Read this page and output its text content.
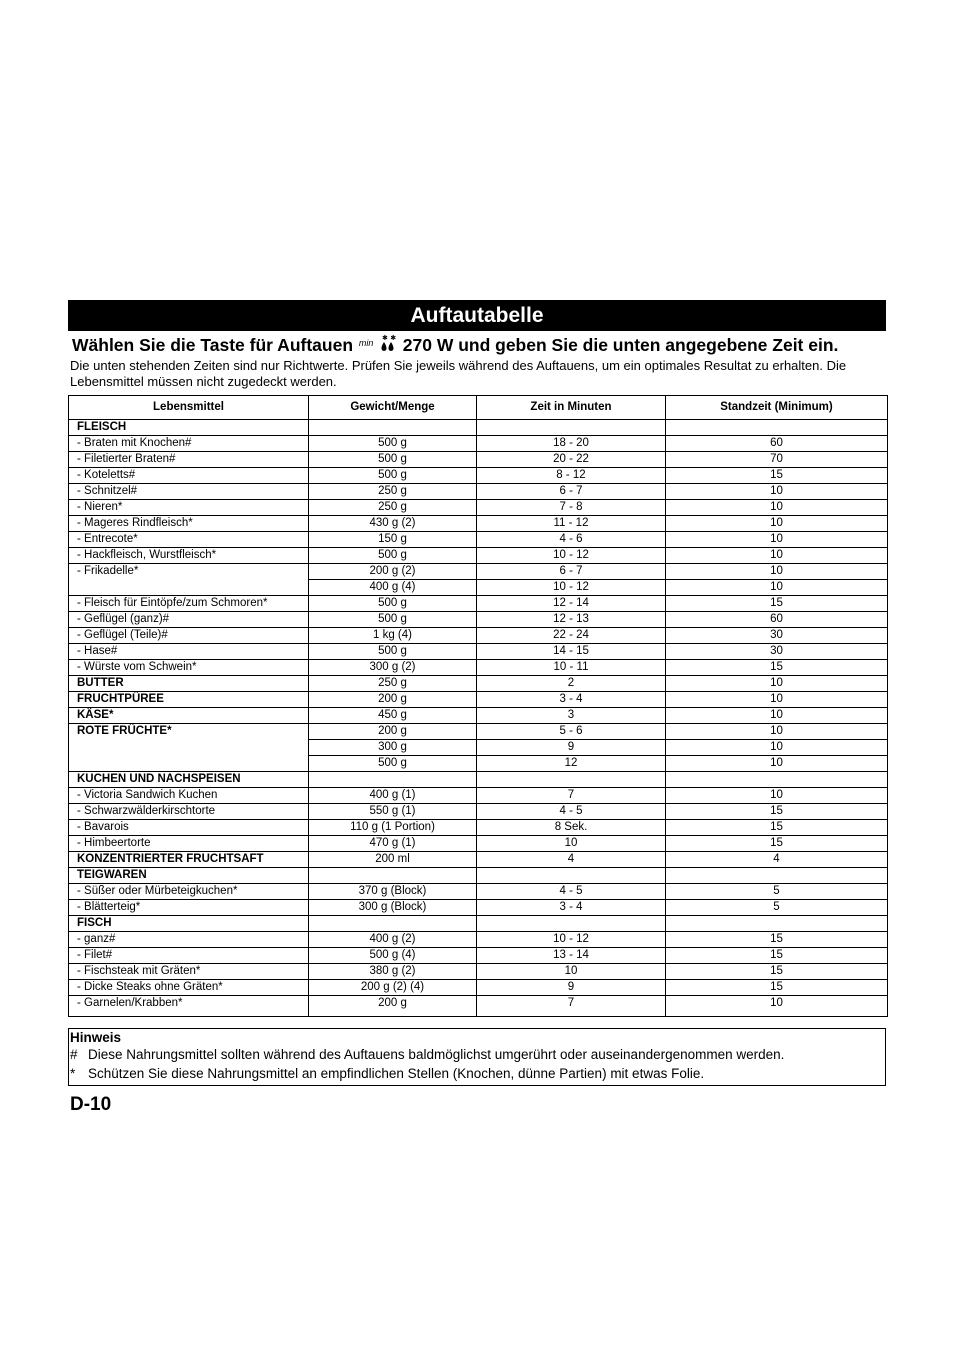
Auftautabelle
Wählen Sie die Taste für Auftauen min ✱ ✱ 270 W und geben Sie die unten angegebene Zeit ein.
Die unten stehenden Zeiten sind nur Richtwerte. Prüfen Sie jeweils während des Auftauens, um ein optimales Resultat zu erhalten. Die Lebensmittel müssen nicht zugedeckt werden.
Lebensmittel	Gewicht/Menge	Zeit in Minuten	Standzeit (Minimum)
FLEISCH			
- Braten mit Knochen#	500 g	18 - 20	60
- Filetierter Braten#	500 g	20 - 22	70
- Koteletts#	500 g	8 - 12	15
- Schnitzel#	250 g	6 - 7	10
- Nieren*	250 g	7 - 8	10
- Mageres Rindfleisch*	430 g (2)	11 - 12	10
- Entrecote*	150 g	4 - 6	10
- Hackfleisch, Wurstfleisch*	500 g	10 - 12	10
- Frikadelle*	200 g (2)	6 - 7	10
	400 g (4)	10 - 12	10
- Fleisch für Eintöpfe/zum Schmoren*	500 g	12 - 14	15
- Geflügel (ganz)#	500 g	12 - 13	60
- Geflügel (Teile)#	1 kg (4)	22 - 24	30
- Hase#	500 g	14 - 15	30
- Würste vom Schwein*	300 g (2)	10 - 11	15
BUTTER	250 g	2	10
FRUCHTPÜREE	200 g	3 - 4	10
KÄSE*	450 g	3	10
ROTE FRÜCHTE*	200 g	5 - 6	10
	300 g	9	10
	500 g	12	10
KUCHEN UND NACHSPEISEN			
- Victoria Sandwich Kuchen	400 g (1)	7	10
- Schwarzwälderkirschtorte	550 g (1)	4 - 5	15
- Bavarois	110 g (1 Portion)	8 Sek.	15
- Himbeertorte	470 g (1)	10	15
KONZENTRIERTER FRUCHTSAFT	200 ml	4	4
TEIGWAREN			
- Süßer oder Mürbeteigkuchen*	370 g (Block)	4 - 5	5
- Blätterteig*	300 g (Block)	3 - 4	5
FISCH			
- ganz#	400 g (2)	10 - 12	15
- Filet#	500 g (4)	13 - 14	15
- Fischsteak mit Gräten*	380 g (2)	10	15
- Dicke Steaks ohne Gräten*	200 g (2) (4)	9	15
- Garnelen/Krabben*	200 g	7	10
Hinweis
# Diese Nahrungsmittel sollten während des Auftauens baldmöglichst umgerührt oder auseinandergenommen werden.
* Schützen Sie diese Nahrungsmittel an empfindlichen Stellen (Knochen, dünne Partien) mit etwas Folie.
D-10
